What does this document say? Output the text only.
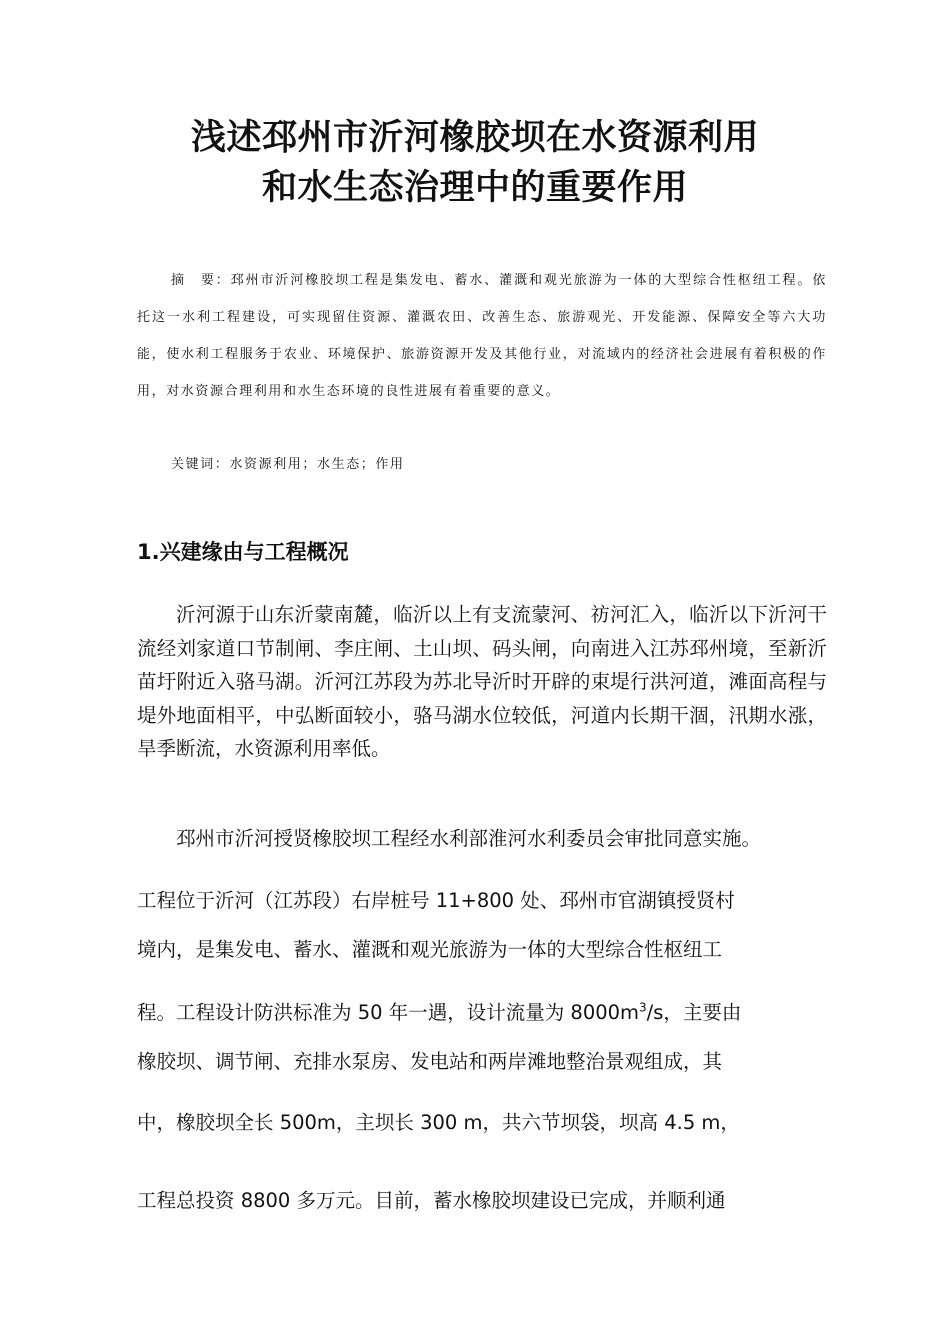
浅述邳州市沂河橡胶坝在水资源利用
和水生态治理中的重要作用

摘　要：邳州市沂河橡胶坝工程是集发电、蓄水、灌溉和观光旅游为一体的大型综合性枢纽工程。依托这一水利工程建设，可实现留住资源、灌溉农田、改善生态、旅游观光、开发能源、保障安全等六大功能，使水利工程服务于农业、环境保护、旅游资源开发及其他行业，对流域内的经济社会进展有着积极的作用，对水资源合理利用和水生态环境的良性进展有着重要的意义。

关键词：水资源利用；水生态；作用

1.兴建缘由与工程概况

沂河源于山东沂蒙南麓，临沂以上有支流蒙河、祊河汇入，临沂以下沂河干流经刘家道口节制闸、李庄闸、土山坝、码头闸，向南进入江苏邳州境，至新沂苗圩附近入骆马湖。沂河江苏段为苏北导沂时开辟的束堤行洪河道，滩面高程与堤外地面相平，中弘断面较小，骆马湖水位较低，河道内长期干涸，汛期水涨，旱季断流，水资源利用率低。

邳州市沂河授贤橡胶坝工程经水利部淮河水利委员会审批同意实施。

工程位于沂河（江苏段）右岸桩号 11+800 处、邳州市官湖镇授贤村

境内，是集发电、蓄水、灌溉和观光旅游为一体的大型综合性枢纽工

程。工程设计防洪标准为 50 年一遇，设计流量为 $8000m^3/s$，主要由

橡胶坝、调节闸、充排水泵房、发电站和两岸滩地整治景观组成，其

中，橡胶坝全长 500m，主坝长 300 m，共六节坝袋，坝高 4.5 m，

工程总投资 8800 多万元。目前，蓄水橡胶坝建设已完成，并顺利通
